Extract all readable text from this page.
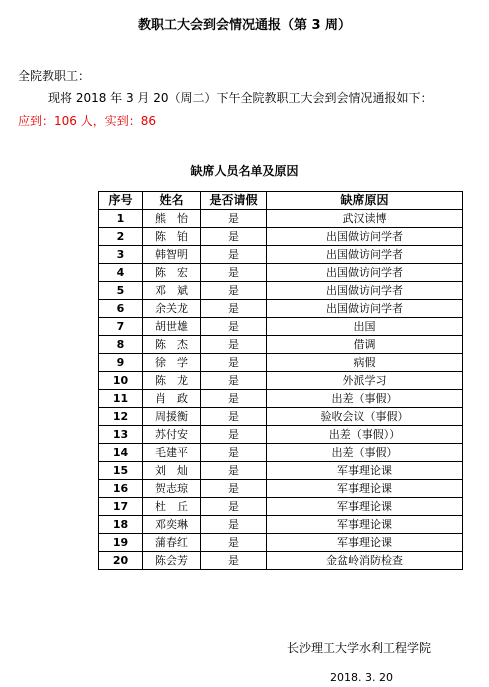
教职工大会到会情况通报（第 3 周）
全院教职工：
现将 2018 年 3 月 20（周二）下午全院教职工大会到会情况通报如下：
应到：106 人，实到：86
缺席人员名单及原因
序号	姓名	是否请假	缺席原因
1	熊　怡	是	武汉读博
2	陈　铂	是	出国做访问学者
3	韩智明	是	出国做访问学者
4	陈　宏	是	出国做访问学者
5	邓　斌	是	出国做访问学者
6	余关龙	是	出国做访问学者
7	胡世雄	是	出国
8	陈　杰	是	借调
9	徐　学	是	病假
10	陈　龙	是	外派学习
11	肖　政	是	出差（事假）
12	周援衡	是	验收会议（事假）
13	苏付安	是	出差（事假））
14	毛建平	是	出差（事假）
15	刘　灿	是	军事理论课
16	贺志琼	是	军事理论课
17	杜　丘	是	军事理论课
18	邓奕琳	是	军事理论课
19	蒲春红	是	军事理论课
20	陈会芳	是	金盆岭消防检查
长沙理工大学水利工程学院
2018. 3. 20
